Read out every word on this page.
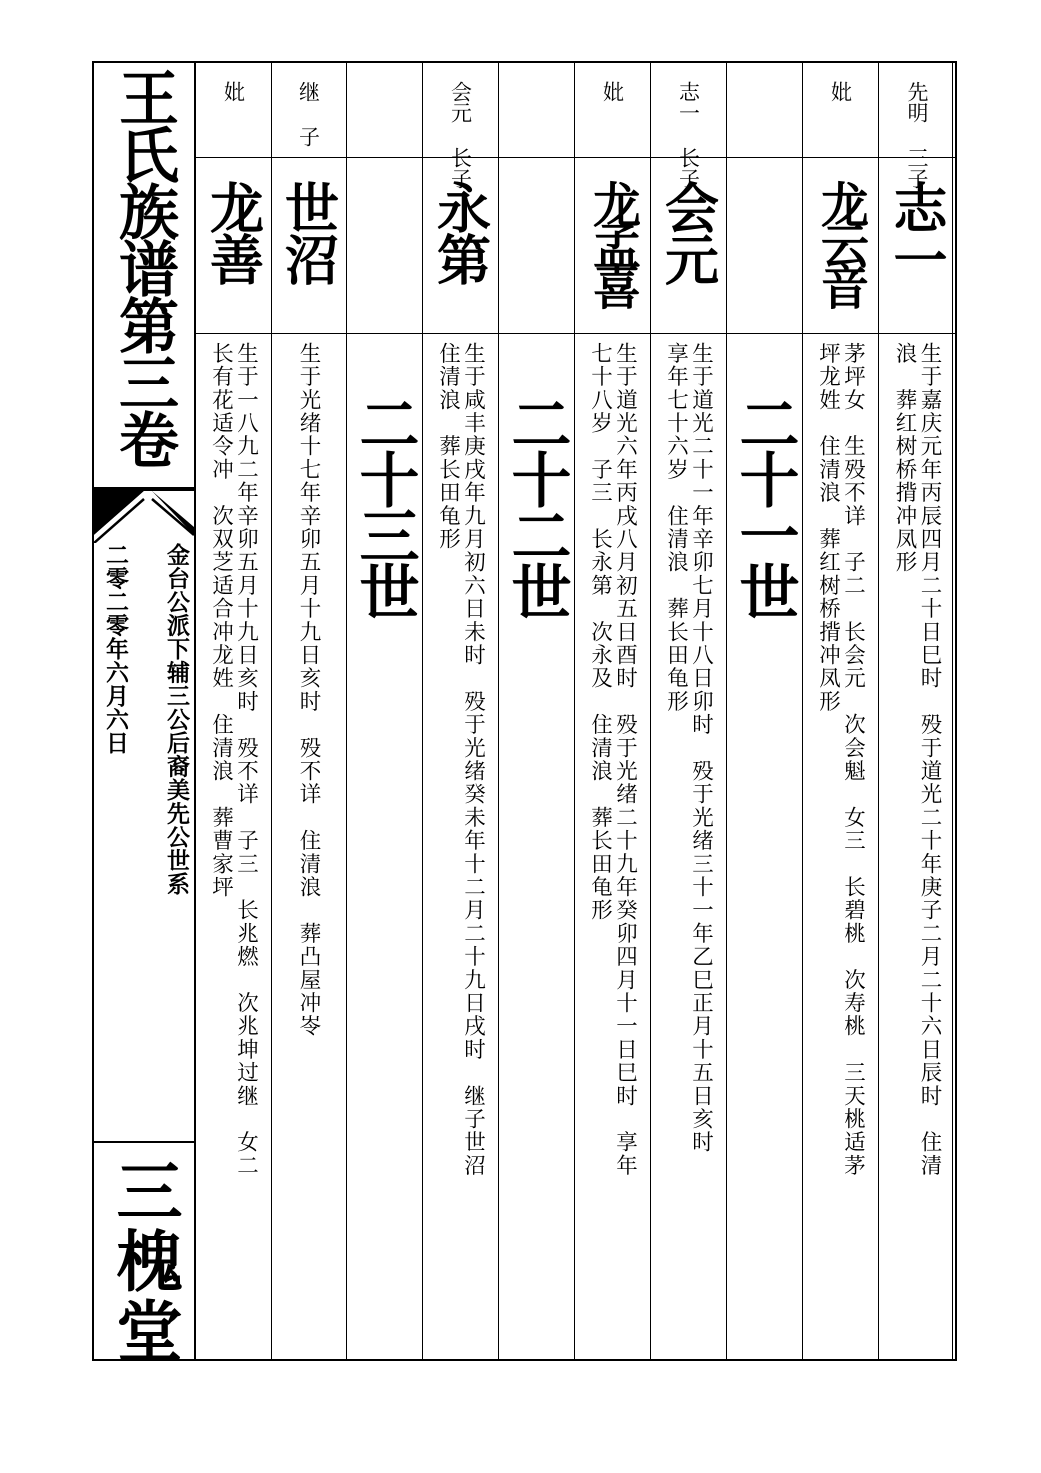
先明 三子
志一
生于嘉庆元年丙辰四月二十日巳时　殁于道光二十年庚子二月二十六日辰时　住清
浪　葬红树桥揹冲凤形
妣
龙云音
茅坪女　生殁不详　子二　长会元　次会魁　女三　长碧桃　次寿桃　三天桃适茅
坪龙姓　住清浪　葬红树桥揹冲凤形
二十一世
志一 长子
会元
生于道光二十一年辛卯七月十八日卯时　殁于光绪三十一年乙巳正月十五日亥时
享年七十六岁　住清浪　葬长田龟形
妣
龙孟喜
生于道光六年丙戌八月初五日酉时　殁于光绪二十九年癸卯四月十一日巳时　享年
七十八岁　子三　长永第　次永及　住清浪　葬长田龟形
二十二世
会元 长子
永第
生于咸丰庚戌年九月初六日未时　殁于光绪癸未年十二月二十九日戌时　继子世沼
住清浪　葬长田龟形
二十三世
继 子
世沼
生于光绪十七年辛卯五月十九日亥时　殁不详　住清浪　葬凸屋冲岺
妣
龙善
生于一八九二年辛卯五月十九日亥时　殁不详　子三　长兆燃　次兆坤过继　女二
长有花适令冲　次双芝适合冲龙姓　住清浪　葬曹家坪
王氏族谱第三卷
金台公派下辅三公后裔美先公世系
二零二零年六月六日
三槐堂
